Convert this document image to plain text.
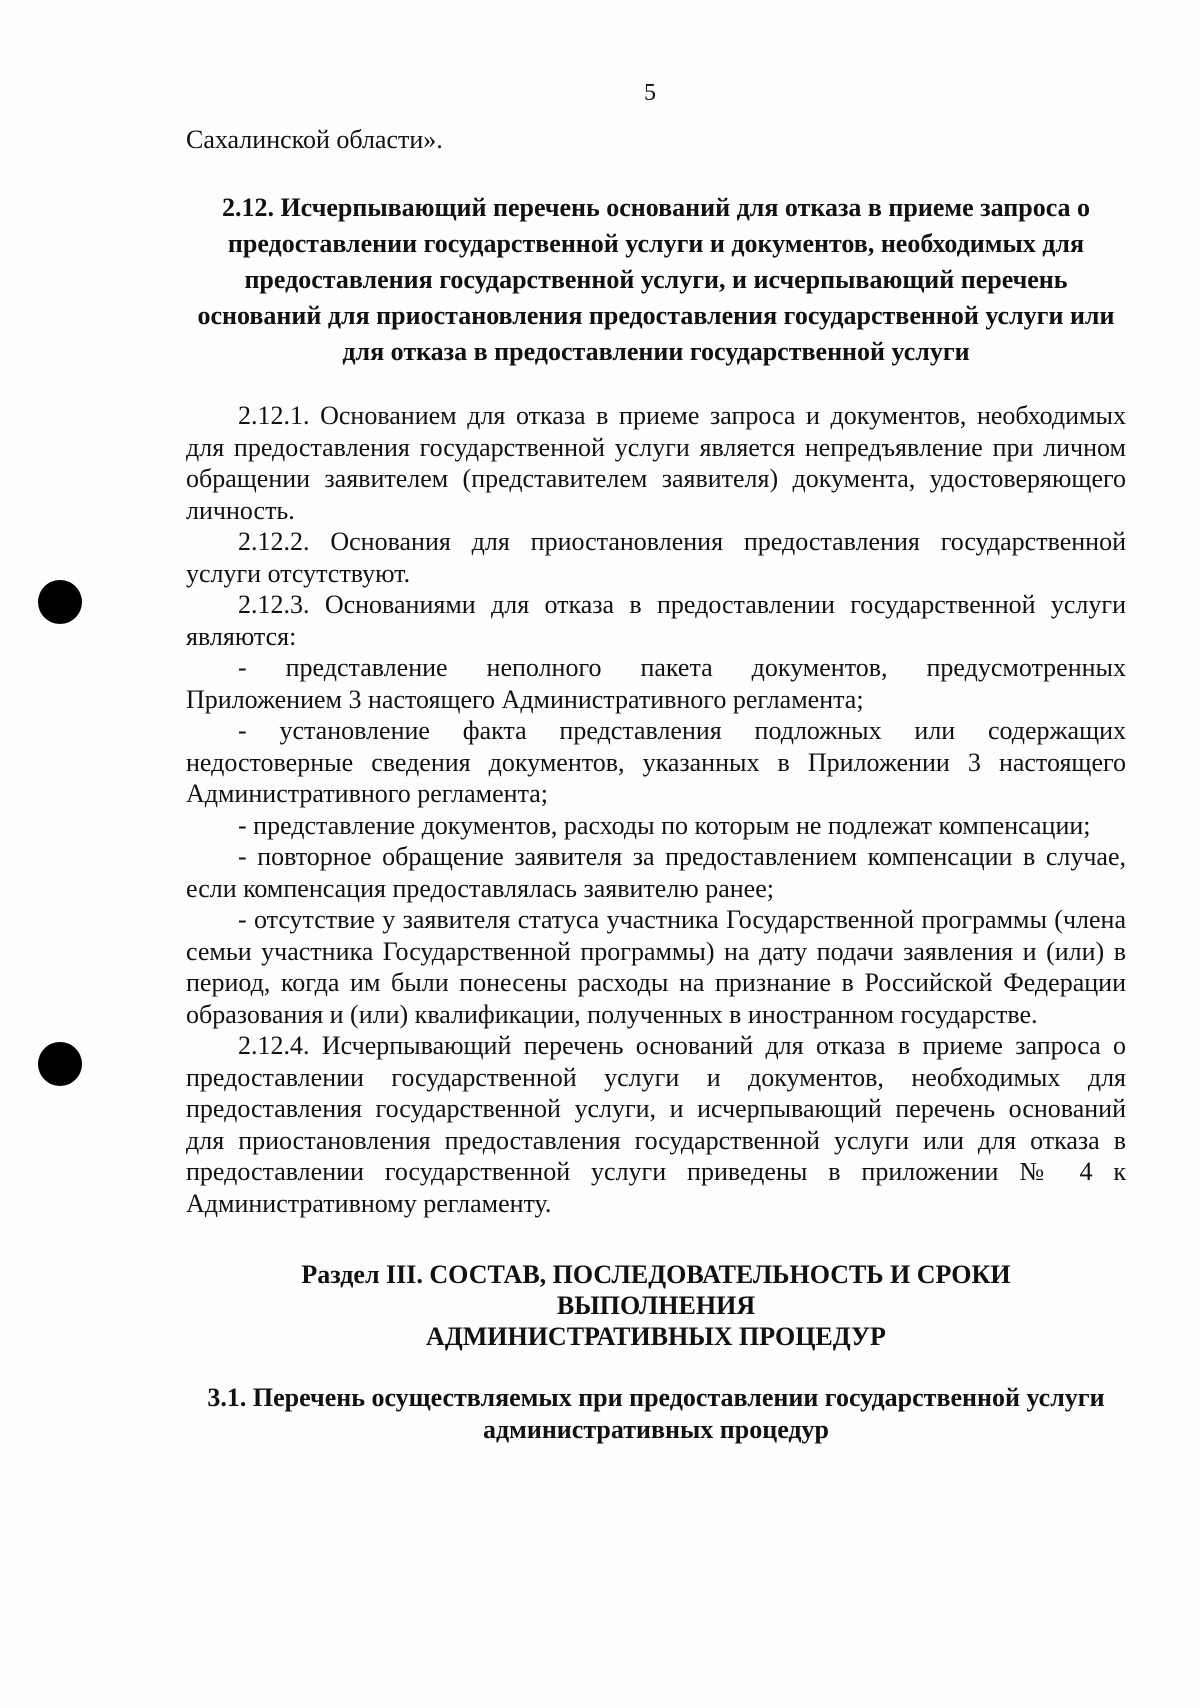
5
Сахалинской области».
2.12. Исчерпывающий перечень оснований для отказа в приеме запроса о предоставлении государственной услуги и документов, необходимых для предоставления государственной услуги, и исчерпывающий перечень оснований для приостановления предоставления государственной услуги или для отказа в предоставлении государственной услуги

2.12.1. Основанием для отказа в приеме запроса и документов, необходимых для предоставления государственной услуги является непредъявление при личном обращении заявителем (представителем заявителя) документа, удостоверяющего личность.

2.12.2. Основания для приостановления предоставления государственной услуги отсутствуют.

2.12.3. Основаниями для отказа в предоставлении государственной услуги являются:

- представление неполного пакета документов, предусмотренных Приложением 3 настоящего Административного регламента;

- установление факта представления подложных или содержащих недостоверные сведения документов, указанных в Приложении 3 настоящего Административного регламента;

- представление документов, расходы по которым не подлежат компенсации;

- повторное обращение заявителя за предоставлением компенсации в случае, если компенсация предоставлялась заявителю ранее;

- отсутствие у заявителя статуса участника Государственной программы (члена семьи участника Государственной программы) на дату подачи заявления и (или) в период, когда им были понесены расходы на признание в Российской Федерации образования и (или) квалификации, полученных в иностранном государстве.

2.12.4. Исчерпывающий перечень оснований для отказа в приеме запроса о предоставлении государственной услуги и документов, необходимых для предоставления государственной услуги, и исчерпывающий перечень оснований для приостановления предоставления государственной услуги или для отказа в предоставлении государственной услуги приведены в приложении № 4 к Административному регламенту.

Раздел III. СОСТАВ, ПОСЛЕДОВАТЕЛЬНОСТЬ И СРОКИ
ВЫПОЛНЕНИЯ
АДМИНИСТРАТИВНЫХ ПРОЦЕДУР
3.1. Перечень осуществляемых при предоставлении государственной услуги административных процедур
